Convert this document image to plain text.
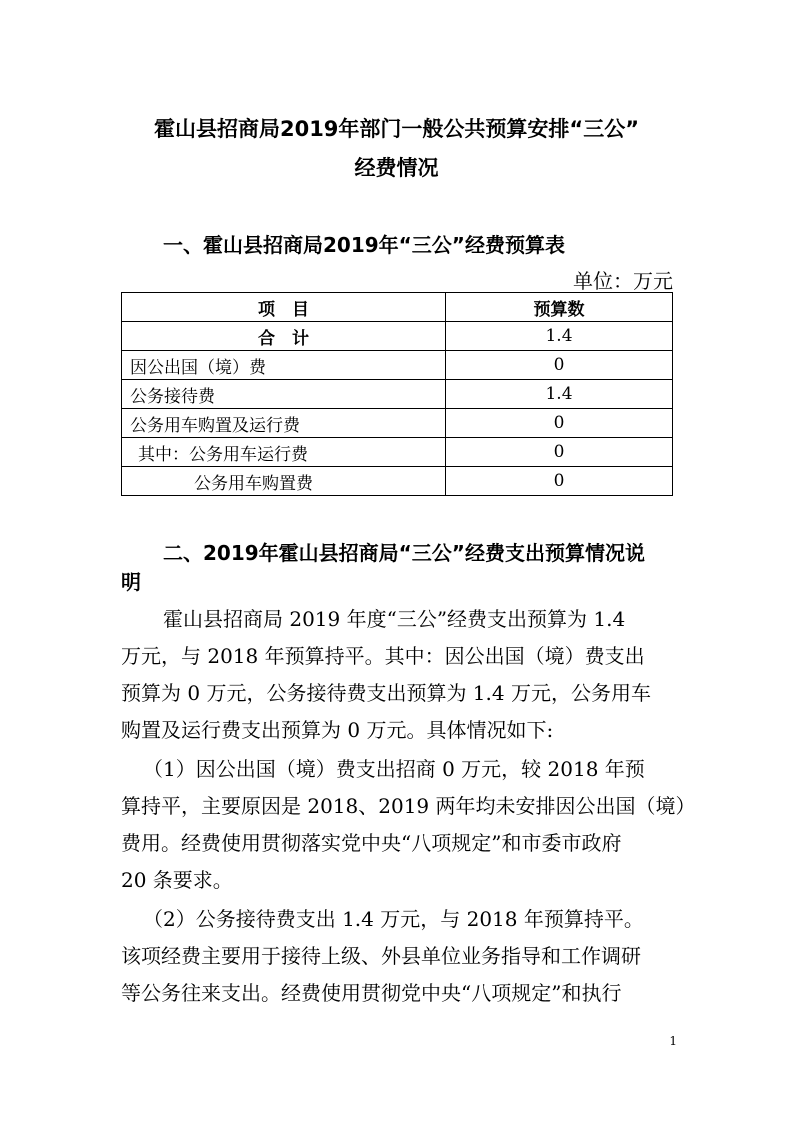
霍山县招商局2019年部门一般公共预算安排“三公”
经费情况
一、霍山县招商局2019年“三公”经费预算表
单位：万元
项　目	预算数
合　计	1.4
因公出国（境）费	0
公务接待费	1.4
公务用车购置及运行费	0
其中：公务用车运行费	0
公务用车购置费	0
二、2019年霍山县招商局“三公”经费支出预算情况说
明
霍山县招商局 2019 年度“三公”经费支出预算为 1.4
万元，与 2018 年预算持平。其中：因公出国（境）费支出
预算为 0 万元，公务接待费支出预算为 1.4 万元，公务用车
购置及运行费支出预算为 0 万元。具体情况如下:
（1）因公出国（境）费支出招商 0 万元，较 2018 年预
算持平，主要原因是 2018、2019 两年均未安排因公出国（境）
费用。经费使用贯彻落实党中央“八项规定”和市委市政府
20 条要求。
（2）公务接待费支出 1.4 万元，与 2018 年预算持平。
该项经费主要用于接待上级、外县单位业务指导和工作调研
等公务往来支出。经费使用贯彻党中央“八项规定”和执行
1
